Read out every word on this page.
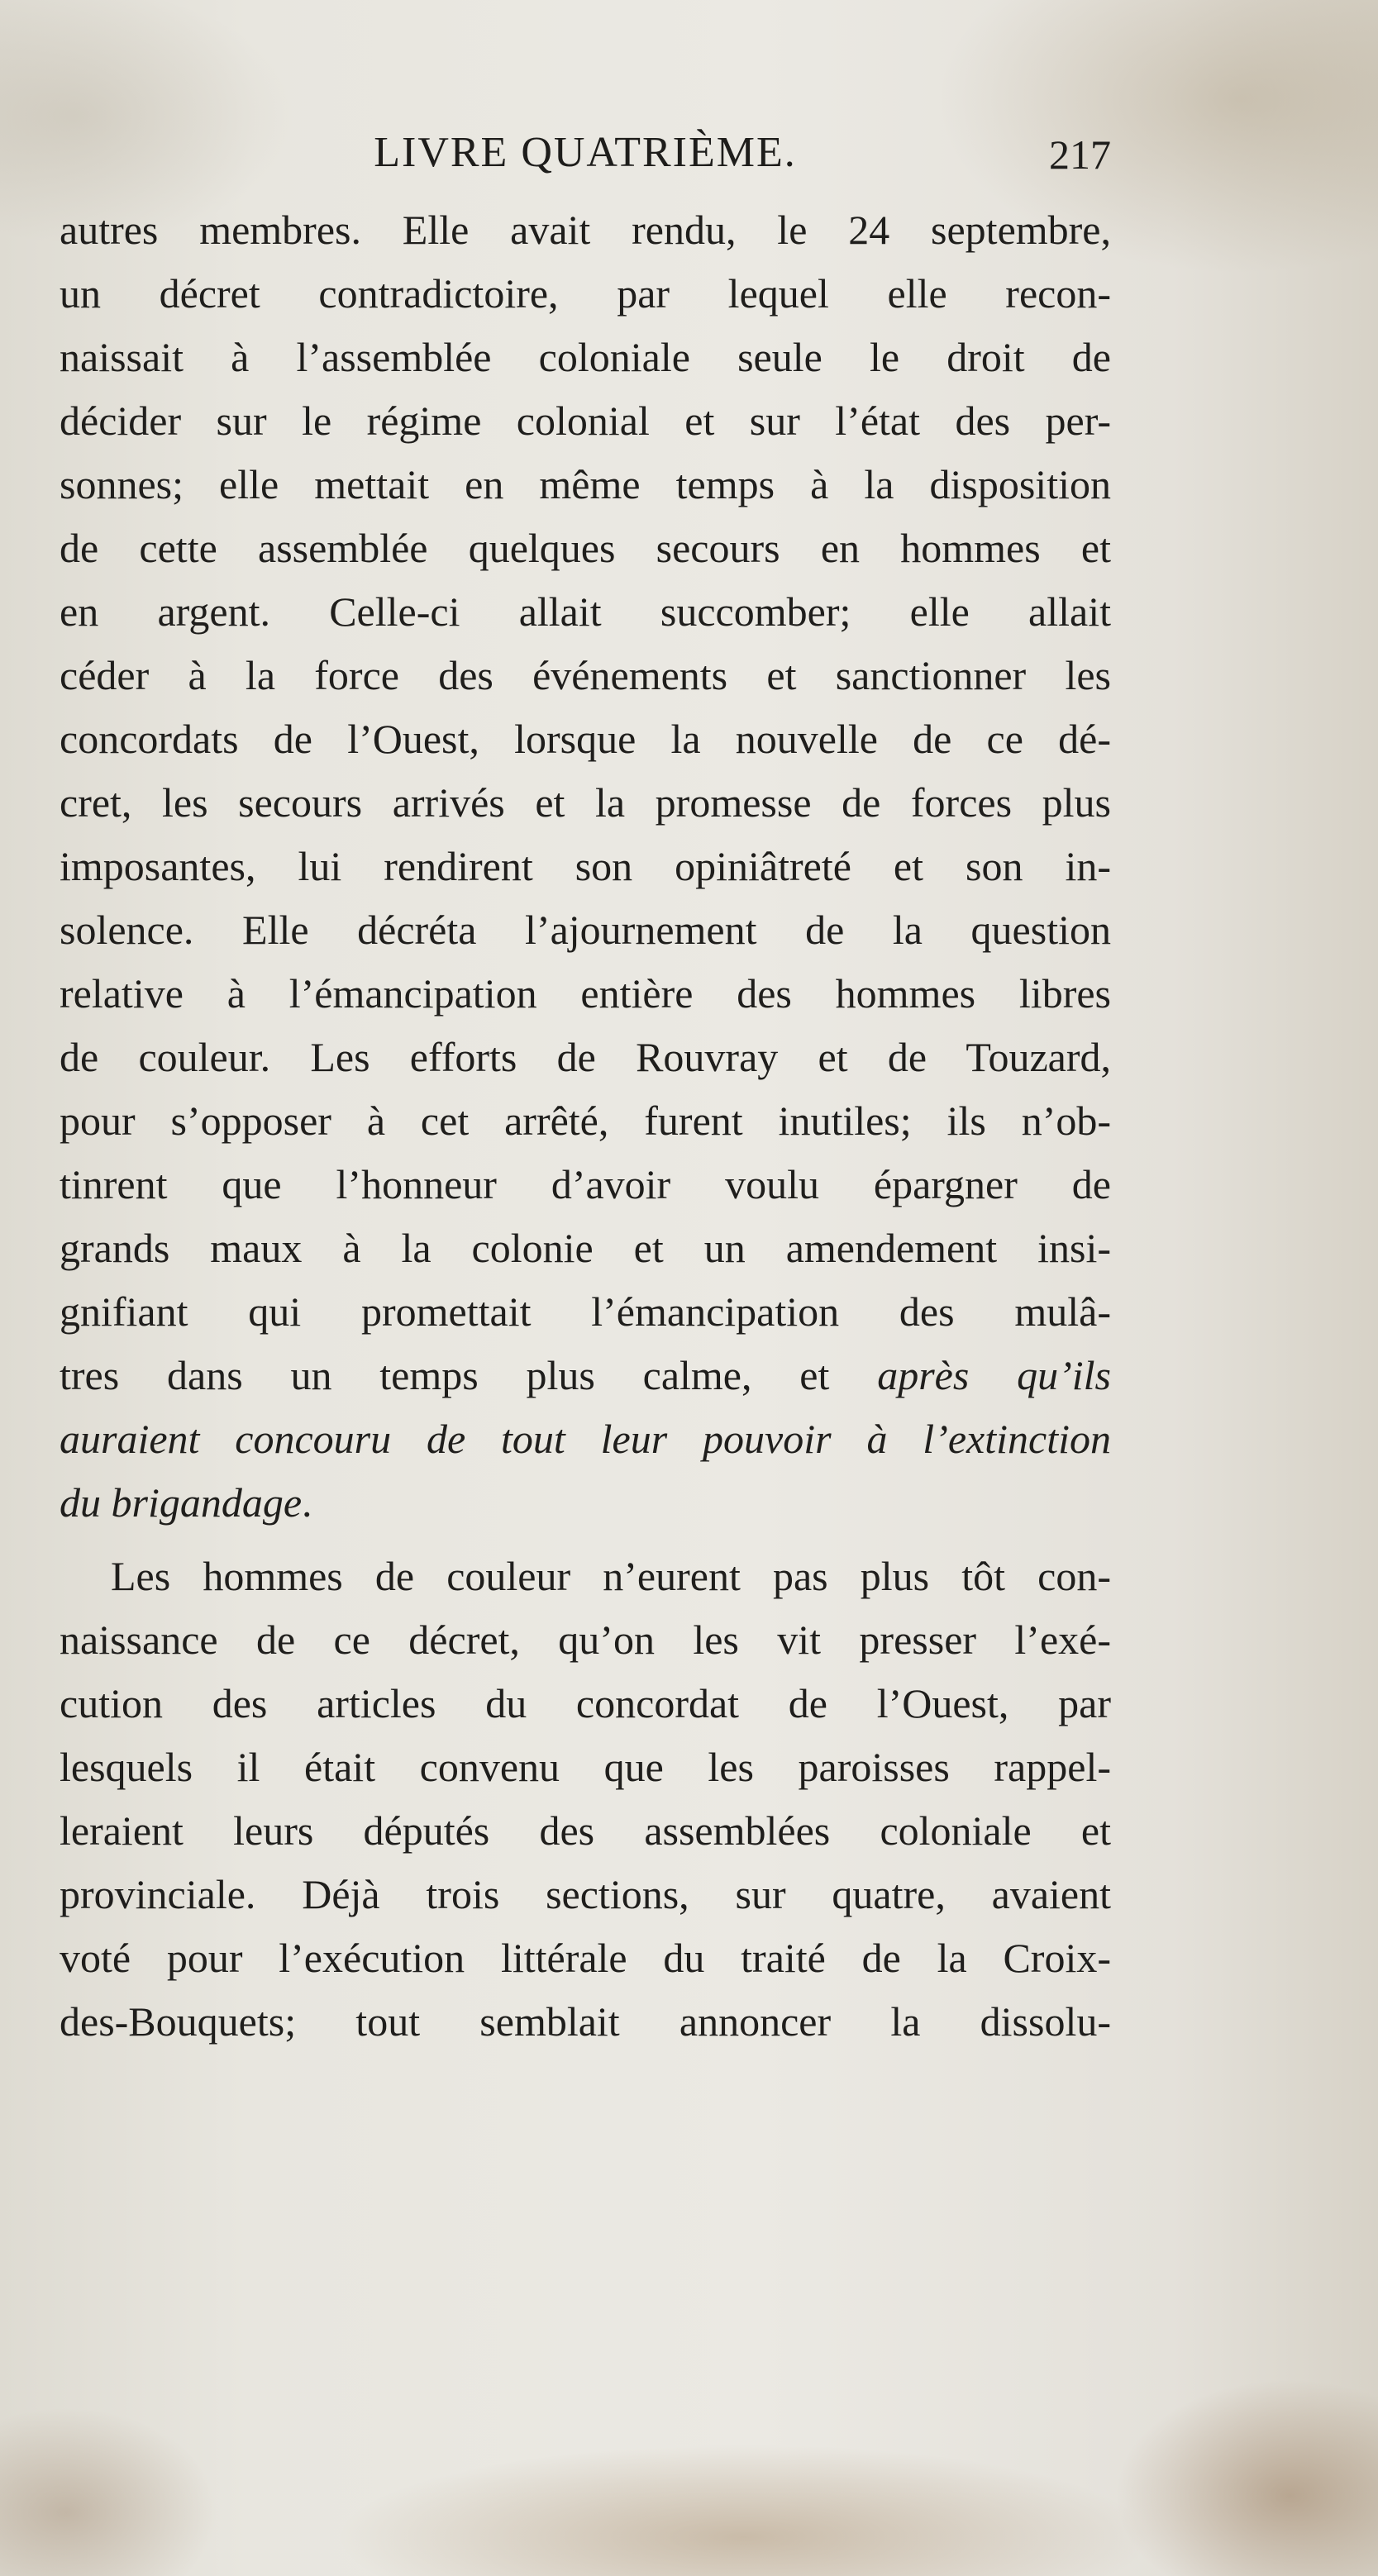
LIVRE QUATRIÈME.	217
autres membres. Elle avait rendu, le 24 septembre,
un décret contradictoire, par lequel elle recon-
naissait à l’assemblée coloniale seule le droit de
décider sur le régime colonial et sur l’état des per-
sonnes; elle mettait en même temps à la disposition
de cette assemblée quelques secours en hommes et
en argent. Celle-ci allait succomber; elle allait
céder à la force des événements et sanctionner les
concordats de l’Ouest, lorsque la nouvelle de ce dé-
cret, les secours arrivés et la promesse de forces plus
imposantes, lui rendirent son opiniâtreté et son in-
solence. Elle décréta l’ajournement de la question
relative à l’émancipation entière des hommes libres
de couleur. Les efforts de Rouvray et de Touzard,
pour s’opposer à cet arrêté, furent inutiles; ils n’ob-
tinrent que l’honneur d’avoir voulu épargner de
grands maux à la colonie et un amendement insi-
gnifiant qui promettait l’émancipation des mulâ-
tres dans un temps plus calme, et après qu’ils
auraient concouru de tout leur pouvoir à l’extinction
du brigandage.
Les hommes de couleur n’eurent pas plus tôt con-
naissance de ce décret, qu’on les vit presser l’exé-
cution des articles du concordat de l’Ouest, par
lesquels il était convenu que les paroisses rappel-
leraient leurs députés des assemblées coloniale et
provinciale. Déjà trois sections, sur quatre, avaient
voté pour l’exécution littérale du traité de la Croix-
des-Bouquets; tout semblait annoncer la dissolu-
